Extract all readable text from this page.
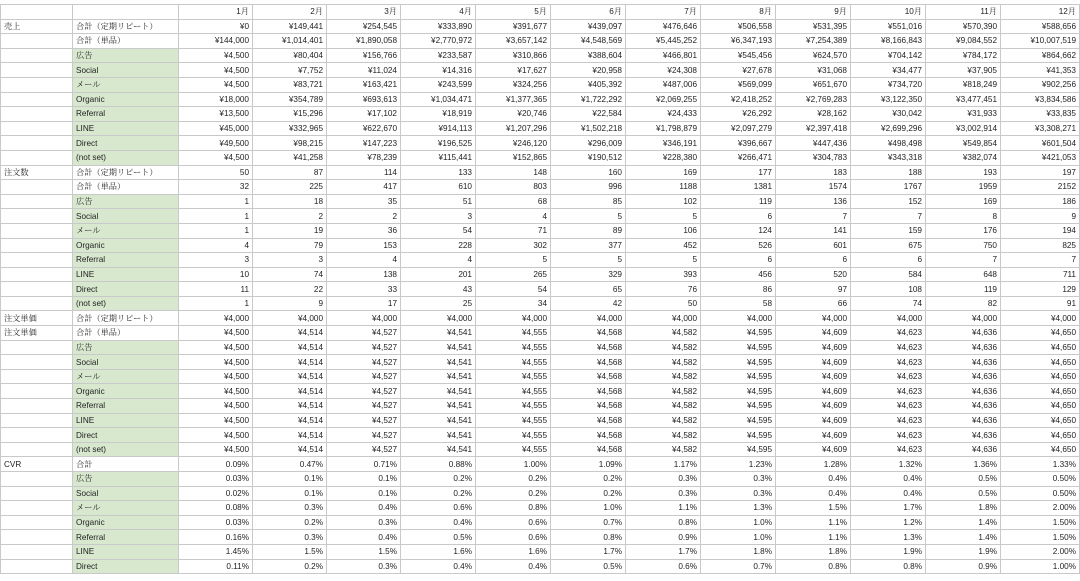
		1月	2月	3月	4月	5月	6月	7月	8月	9月	10月	11月	12月
売上	合計（定期リピート）	¥0	¥149,441	¥254,545	¥333,890	¥391,677	¥439,097	¥476,646	¥506,558	¥531,395	¥551,016	¥570,390	¥588,656
	合計（単品）	¥144,000	¥1,014,401	¥1,890,058	¥2,770,972	¥3,657,142	¥4,548,569	¥5,445,252	¥6,347,193	¥7,254,389	¥8,166,843	¥9,084,552	¥10,007,519
	広告	¥4,500	¥80,404	¥156,766	¥233,587	¥310,866	¥388,604	¥466,801	¥545,456	¥624,570	¥704,142	¥784,172	¥864,662
	Social	¥4,500	¥7,752	¥11,024	¥14,316	¥17,627	¥20,958	¥24,308	¥27,678	¥31,068	¥34,477	¥37,905	¥41,353
	メール	¥4,500	¥83,721	¥163,421	¥243,599	¥324,256	¥405,392	¥487,006	¥569,099	¥651,670	¥734,720	¥818,249	¥902,256
	Organic	¥18,000	¥354,789	¥693,613	¥1,034,471	¥1,377,365	¥1,722,292	¥2,069,255	¥2,418,252	¥2,769,283	¥3,122,350	¥3,477,451	¥3,834,586
	Referral	¥13,500	¥15,296	¥17,102	¥18,919	¥20,746	¥22,584	¥24,433	¥26,292	¥28,162	¥30,042	¥31,933	¥33,835
	LINE	¥45,000	¥332,965	¥622,670	¥914,113	¥1,207,296	¥1,502,218	¥1,798,879	¥2,097,279	¥2,397,418	¥2,699,296	¥3,002,914	¥3,308,271
	Direct	¥49,500	¥98,215	¥147,223	¥196,525	¥246,120	¥296,009	¥346,191	¥396,667	¥447,436	¥498,498	¥549,854	¥601,504
	(not set)	¥4,500	¥41,258	¥78,239	¥115,441	¥152,865	¥190,512	¥228,380	¥266,471	¥304,783	¥343,318	¥382,074	¥421,053
注文数	合計（定期リピート）	50	87	114	133	148	160	169	177	183	188	193	197
	合計（単品）	32	225	417	610	803	996	1188	1381	1574	1767	1959	2152
	広告	1	18	35	51	68	85	102	119	136	152	169	186
	Social	1	2	2	3	4	5	5	6	7	7	8	9
	メール	1	19	36	54	71	89	106	124	141	159	176	194
	Organic	4	79	153	228	302	377	452	526	601	675	750	825
	Referral	3	3	4	4	5	5	5	6	6	6	7	7
	LINE	10	74	138	201	265	329	393	456	520	584	648	711
	Direct	11	22	33	43	54	65	76	86	97	108	119	129
	(not set)	1	9	17	25	34	42	50	58	66	74	82	91
注文単価	合計（定期リピート）	¥4,000	¥4,000	¥4,000	¥4,000	¥4,000	¥4,000	¥4,000	¥4,000	¥4,000	¥4,000	¥4,000	¥4,000
注文単価	合計（単品）	¥4,500	¥4,514	¥4,527	¥4,541	¥4,555	¥4,568	¥4,582	¥4,595	¥4,609	¥4,623	¥4,636	¥4,650
	広告	¥4,500	¥4,514	¥4,527	¥4,541	¥4,555	¥4,568	¥4,582	¥4,595	¥4,609	¥4,623	¥4,636	¥4,650
	Social	¥4,500	¥4,514	¥4,527	¥4,541	¥4,555	¥4,568	¥4,582	¥4,595	¥4,609	¥4,623	¥4,636	¥4,650
	メール	¥4,500	¥4,514	¥4,527	¥4,541	¥4,555	¥4,568	¥4,582	¥4,595	¥4,609	¥4,623	¥4,636	¥4,650
	Organic	¥4,500	¥4,514	¥4,527	¥4,541	¥4,555	¥4,568	¥4,582	¥4,595	¥4,609	¥4,623	¥4,636	¥4,650
	Referral	¥4,500	¥4,514	¥4,527	¥4,541	¥4,555	¥4,568	¥4,582	¥4,595	¥4,609	¥4,623	¥4,636	¥4,650
	LINE	¥4,500	¥4,514	¥4,527	¥4,541	¥4,555	¥4,568	¥4,582	¥4,595	¥4,609	¥4,623	¥4,636	¥4,650
	Direct	¥4,500	¥4,514	¥4,527	¥4,541	¥4,555	¥4,568	¥4,582	¥4,595	¥4,609	¥4,623	¥4,636	¥4,650
	(not set)	¥4,500	¥4,514	¥4,527	¥4,541	¥4,555	¥4,568	¥4,582	¥4,595	¥4,609	¥4,623	¥4,636	¥4,650
CVR	合計	0.09%	0.47%	0.71%	0.88%	1.00%	1.09%	1.17%	1.23%	1.28%	1.32%	1.36%	1.33%
	広告	0.03%	0.1%	0.1%	0.2%	0.2%	0.2%	0.3%	0.3%	0.4%	0.4%	0.5%	0.50%
	Social	0.02%	0.1%	0.1%	0.2%	0.2%	0.2%	0.3%	0.3%	0.4%	0.4%	0.5%	0.50%
	メール	0.08%	0.3%	0.4%	0.6%	0.8%	1.0%	1.1%	1.3%	1.5%	1.7%	1.8%	2.00%
	Organic	0.03%	0.2%	0.3%	0.4%	0.6%	0.7%	0.8%	1.0%	1.1%	1.2%	1.4%	1.50%
	Referral	0.16%	0.3%	0.4%	0.5%	0.6%	0.8%	0.9%	1.0%	1.1%	1.3%	1.4%	1.50%
	LINE	1.45%	1.5%	1.5%	1.6%	1.6%	1.7%	1.7%	1.8%	1.8%	1.9%	1.9%	2.00%
	Direct	0.11%	0.2%	0.3%	0.4%	0.4%	0.5%	0.6%	0.7%	0.8%	0.8%	0.9%	1.00%
